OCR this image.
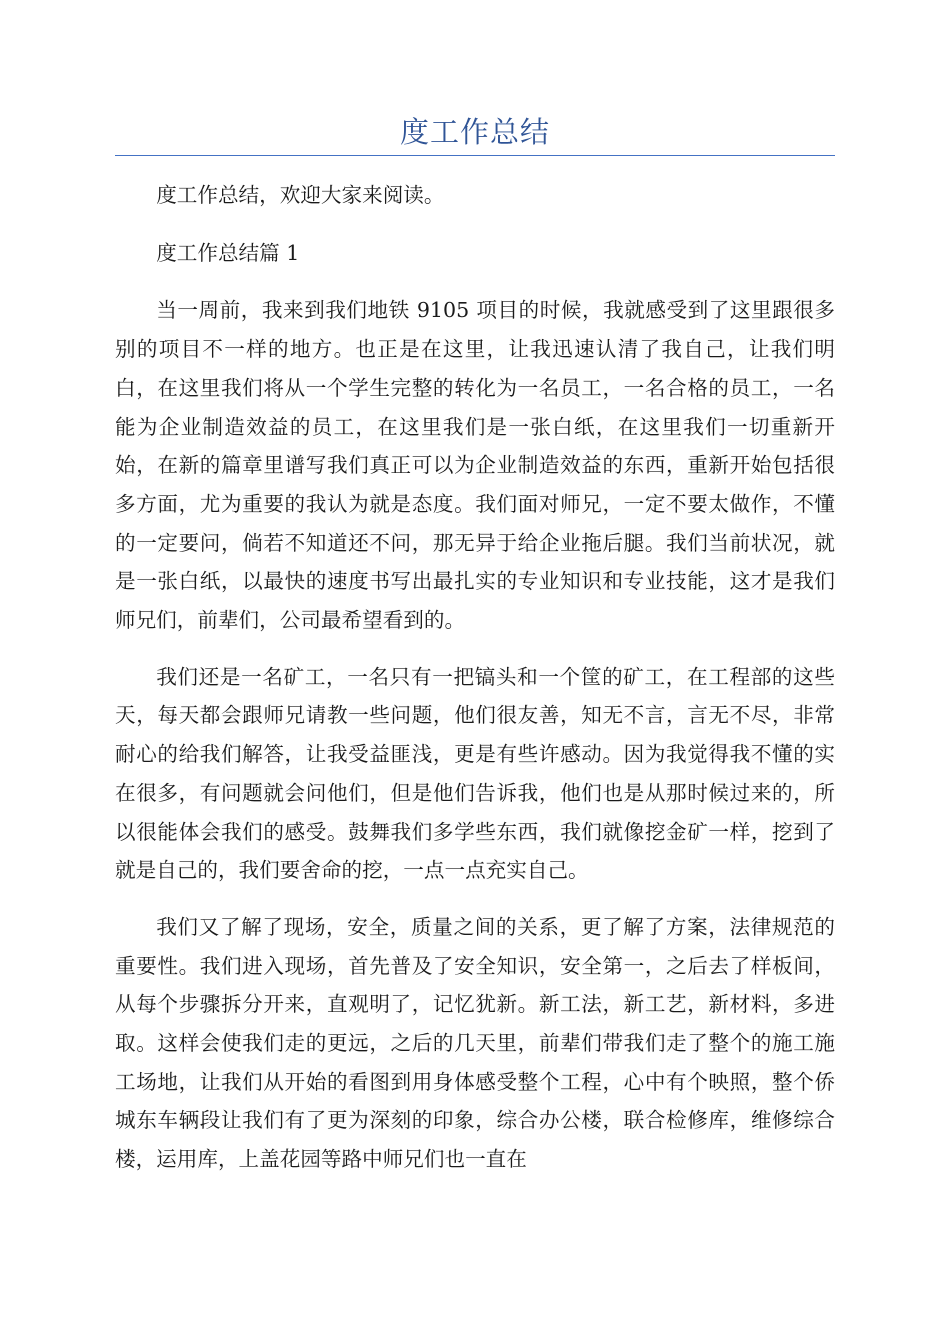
度工作总结

度工作总结，欢迎大家来阅读。

度工作总结篇 1

当一周前，我来到我们地铁 9105 项目的时候，我就感受到了这里跟很多别的项目不一样的地方。也正是在这里，让我迅速认清了我自己，让我们明白，在这里我们将从一个学生完整的转化为一名员工，一名合格的员工，一名能为企业制造效益的员工，在这里我们是一张白纸，在这里我们一切重新开始，在新的篇章里谱写我们真正可以为企业制造效益的东西，重新开始包括很多方面，尤为重要的我认为就是态度。我们面对师兄，一定不要太做作，不懂的一定要问，倘若不知道还不问，那无异于给企业拖后腿。我们当前状况，就是一张白纸，以最快的速度书写出最扎实的专业知识和专业技能，这才是我们师兄们，前辈们，公司最希望看到的。

我们还是一名矿工，一名只有一把镐头和一个筐的矿工，在工程部的这些天，每天都会跟师兄请教一些问题，他们很友善，知无不言，言无不尽，非常耐心的给我们解答，让我受益匪浅，更是有些许感动。因为我觉得我不懂的实在很多，有问题就会问他们，但是他们告诉我，他们也是从那时候过来的，所以很能体会我们的感受。鼓舞我们多学些东西，我们就像挖金矿一样，挖到了就是自己的，我们要舍命的挖，一点一点充实自己。

我们又了解了现场，安全，质量之间的关系，更了解了方案，法律规范的重要性。我们进入现场，首先普及了安全知识，安全第一，之后去了样板间，从每个步骤拆分开来，直观明了，记忆犹新。新工法，新工艺，新材料，多进取。这样会使我们走的更远，之后的几天里，前辈们带我们走了整个的施工施工场地，让我们从开始的看图到用身体感受整个工程，心中有个映照，整个侨城东车辆段让我们有了更为深刻的印象，综合办公楼，联合检修库，维修综合楼，运用库，上盖花园等路中师兄们也一直在
